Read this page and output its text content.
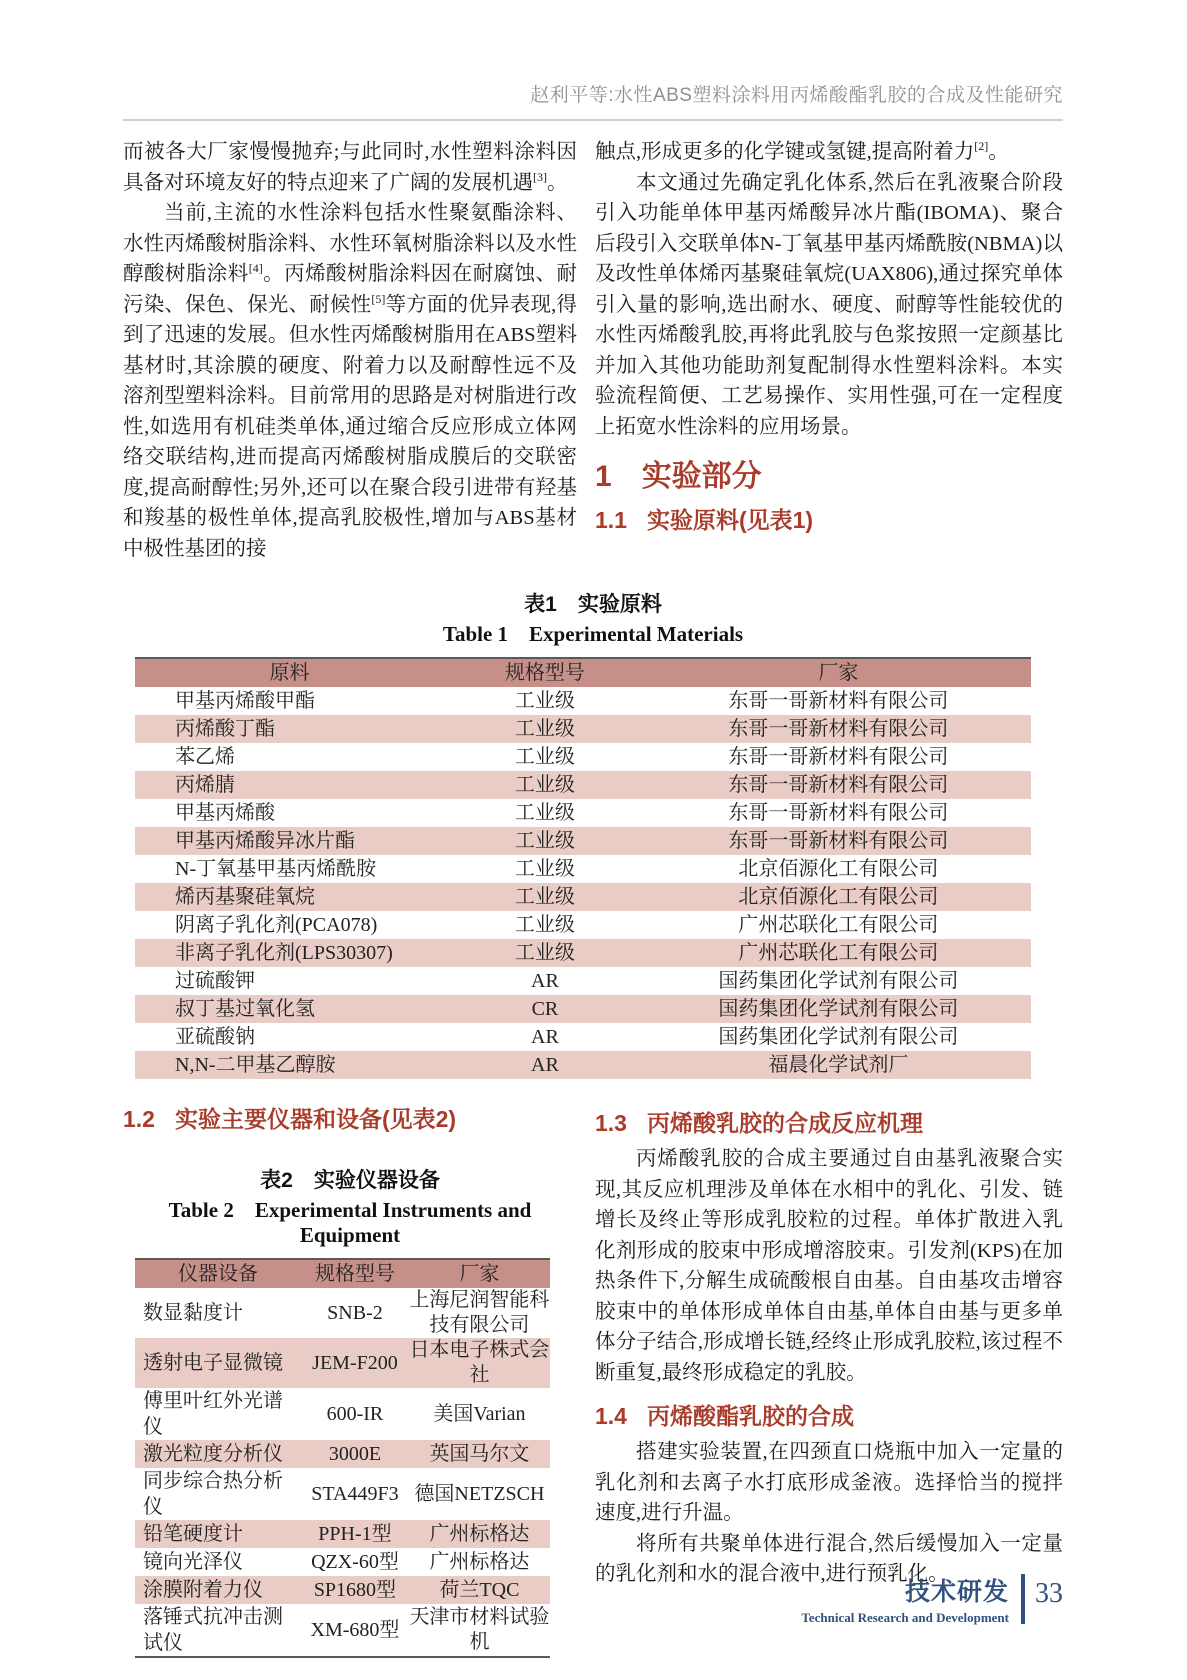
赵利平等:水性ABS塑料涂料用丙烯酸酯乳胶的合成及性能研究

而被各大厂家慢慢抛弃;与此同时,水性塑料涂料因具备对环境友好的特点迎来了广阔的发展机遇[3]。

当前,主流的水性涂料包括水性聚氨酯涂料、水性丙烯酸树脂涂料、水性环氧树脂涂料以及水性醇酸树脂涂料[4]。丙烯酸树脂涂料因在耐腐蚀、耐污染、保色、保光、耐候性[5]等方面的优异表现,得到了迅速的发展。但水性丙烯酸树脂用在ABS塑料基材时,其涂膜的硬度、附着力以及耐醇性远不及溶剂型塑料涂料。目前常用的思路是对树脂进行改性,如选用有机硅类单体,通过缩合反应形成立体网络交联结构,进而提高丙烯酸树脂成膜后的交联密度,提高耐醇性;另外,还可以在聚合段引进带有羟基和羧基的极性单体,提高乳胶极性,增加与ABS基材中极性基团的接

触点,形成更多的化学键或氢键,提高附着力[2]。

本文通过先确定乳化体系,然后在乳液聚合阶段引入功能单体甲基丙烯酸异冰片酯(IBOMA)、聚合后段引入交联单体N-丁氧基甲基丙烯酰胺(NBMA)以及改性单体烯丙基聚硅氧烷(UAX806),通过探究单体引入量的影响,选出耐水、硬度、耐醇等性能较优的水性丙烯酸乳胶,再将此乳胶与色浆按照一定颜基比并加入其他功能助剂复配制得水性塑料涂料。本实验流程简便、工艺易操作、实用性强,可在一定程度上拓宽水性涂料的应用场景。

1 实验部分
1.1 实验原料(见表1)
表1　实验原料
Table 1 Experimental Materials
原料	规格型号	厂家
甲基丙烯酸甲酯	工业级	东哥一哥新材料有限公司
丙烯酸丁酯	工业级	东哥一哥新材料有限公司
苯乙烯	工业级	东哥一哥新材料有限公司
丙烯腈	工业级	东哥一哥新材料有限公司
甲基丙烯酸	工业级	东哥一哥新材料有限公司
甲基丙烯酸异冰片酯	工业级	东哥一哥新材料有限公司
N-丁氧基甲基丙烯酰胺	工业级	北京佰源化工有限公司
烯丙基聚硅氧烷	工业级	北京佰源化工有限公司
阴离子乳化剂(PCA078)	工业级	广州芯联化工有限公司
非离子乳化剂(LPS30307)	工业级	广州芯联化工有限公司
过硫酸钾	AR	国药集团化学试剂有限公司
叔丁基过氧化氢	CR	国药集团化学试剂有限公司
亚硫酸钠	AR	国药集团化学试剂有限公司
N,N-二甲基乙醇胺	AR	福晨化学试剂厂
1.2 实验主要仪器和设备(见表2)
表2　实验仪器设备
Table 2 Experimental Instruments and Equipment
仪器设备	规格型号	厂家
数显黏度计	SNB-2	上海尼润智能科技有限公司
透射电子显微镜	JEM-F200	日本电子株式会社
傅里叶红外光谱仪	600-IR	美国Varian
激光粒度分析仪	3000E	英国马尔文
同步综合热分析仪	STA449F3	德国NETZSCH
铅笔硬度计	PPH-1型	广州标格达
镜向光泽仪	QZX-60型	广州标格达
涂膜附着力仪	SP1680型	荷兰TQC
落锤式抗冲击测试仪	XM-680型	天津市材料试验机
1.3 丙烯酸乳胶的合成反应机理

丙烯酸乳胶的合成主要通过自由基乳液聚合实现,其反应机理涉及单体在水相中的乳化、引发、链增长及终止等形成乳胶粒的过程。单体扩散进入乳化剂形成的胶束中形成增溶胶束。引发剂(KPS)在加热条件下,分解生成硫酸根自由基。自由基攻击增容胶束中的单体形成单体自由基,单体自由基与更多单体分子结合,形成增长链,经终止形成乳胶粒,该过程不断重复,最终形成稳定的乳胶。

1.4 丙烯酸酯乳胶的合成

搭建实验装置,在四颈直口烧瓶中加入一定量的乳化剂和去离子水打底形成釜液。选择恰当的搅拌速度,进行升温。

将所有共聚单体进行混合,然后缓慢加入一定量的乳化剂和水的混合液中,进行预乳化。

技术研发
Technical Research and Development
33
